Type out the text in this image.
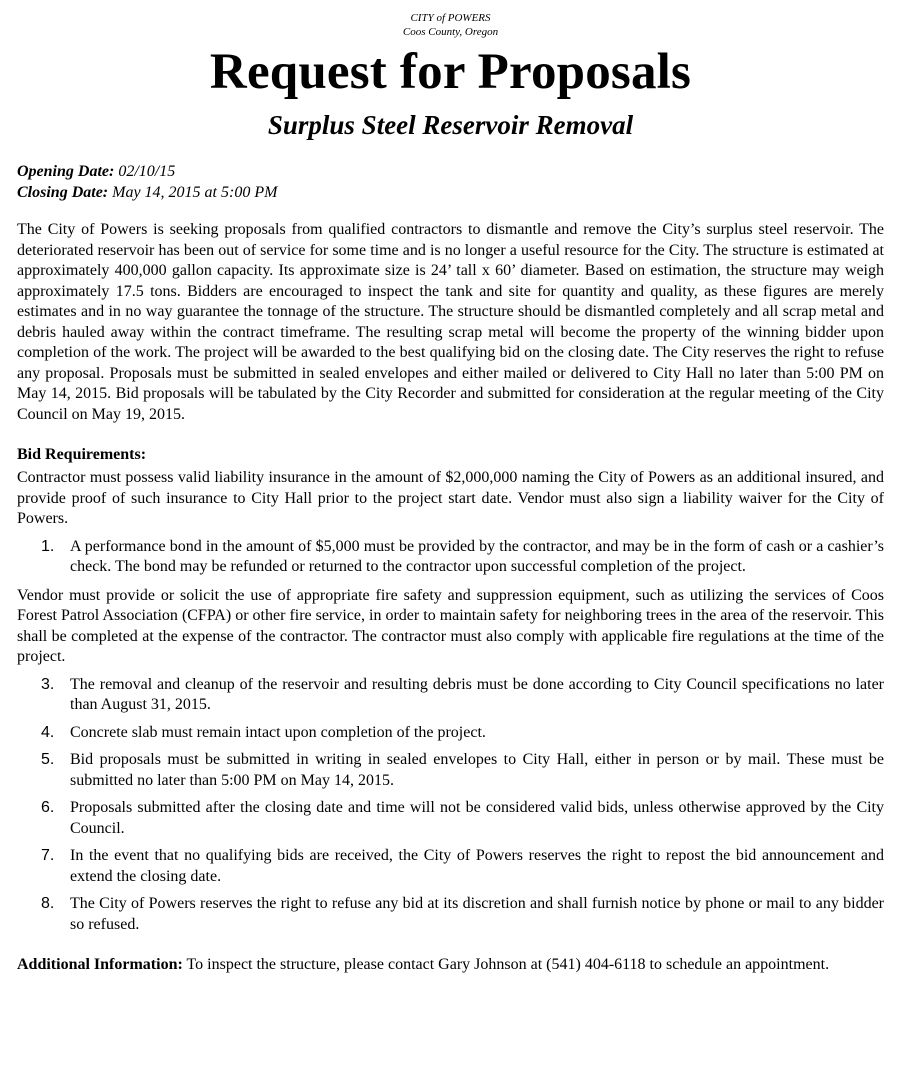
CITY of POWERS
Coos County, Oregon
Request for Proposals
Surplus Steel Reservoir Removal
Opening Date: 02/10/15
Closing Date: May 14, 2015 at 5:00 PM

The City of Powers is seeking proposals from qualified contractors to dismantle and remove the City’s surplus steel reservoir. The deteriorated reservoir has been out of service for some time and is no longer a useful resource for the City. The structure is estimated at approximately 400,000 gallon capacity. Its approximate size is 24’ tall x 60’ diameter. Based on estimation, the structure may weigh approximately 17.5 tons. Bidders are encouraged to inspect the tank and site for quantity and quality, as these figures are merely estimates and in no way guarantee the tonnage of the structure. The structure should be dismantled completely and all scrap metal and debris hauled away within the contract timeframe. The resulting scrap metal will become the property of the winning bidder upon completion of the work. The project will be awarded to the best qualifying bid on the closing date. The City reserves the right to refuse any proposal. Proposals must be submitted in sealed envelopes and either mailed or delivered to City Hall no later than 5:00 PM on May 14, 2015. Bid proposals will be tabulated by the City Recorder and submitted for consideration at the regular meeting of the City Council on May 19, 2015.

Bid Requirements:

Contractor must possess valid liability insurance in the amount of $2,000,000 naming the City of Powers as an additional insured, and provide proof of such insurance to City Hall prior to the project start date. Vendor must also sign a liability waiver for the City of Powers.

1. A performance bond in the amount of $5,000 must be provided by the contractor, and may be in the form of cash or a cashier’s check. The bond may be refunded or returned to the contractor upon successful completion of the project.

Vendor must provide or solicit the use of appropriate fire safety and suppression equipment, such as utilizing the services of Coos Forest Patrol Association (CFPA) or other fire service, in order to maintain safety for neighboring trees in the area of the reservoir. This shall be completed at the expense of the contractor. The contractor must also comply with applicable fire regulations at the time of the project.

3. The removal and cleanup of the reservoir and resulting debris must be done according to City Council specifications no later than August 31, 2015.
4. Concrete slab must remain intact upon completion of the project.
5. Bid proposals must be submitted in writing in sealed envelopes to City Hall, either in person or by mail. These must be submitted no later than 5:00 PM on May 14, 2015.
6. Proposals submitted after the closing date and time will not be considered valid bids, unless otherwise approved by the City Council.
7. In the event that no qualifying bids are received, the City of Powers reserves the right to repost the bid announcement and extend the closing date.
8. The City of Powers reserves the right to refuse any bid at its discretion and shall furnish notice by phone or mail to any bidder so refused.

Additional Information: To inspect the structure, please contact Gary Johnson at (541) 404-6118 to schedule an appointment.
